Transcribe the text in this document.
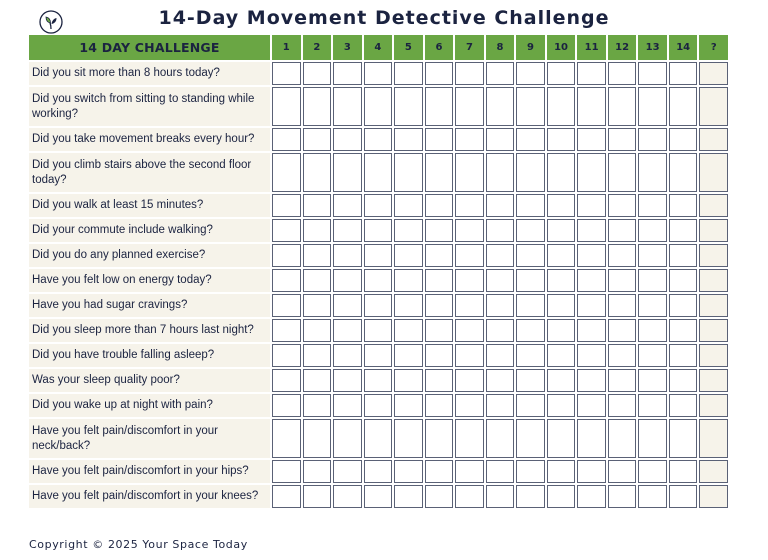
14-Day Movement Detective Challenge
14 DAY CHALLENGE	1	2	3	4	5	6	7	8	9	10	11	12	13	14	?
Did you sit more than 8 hours today?															
Did you switch from sitting to standing while working?															
Did you take movement breaks every hour?															
Did you climb stairs above the second floor today?															
Did you walk at least 15 minutes?															
Did your commute include walking?															
Did you do any planned exercise?															
Have you felt low on energy today?															
Have you had sugar cravings?															
Did you sleep more than 7 hours last night?															
Did you have trouble falling asleep?															
Was your sleep quality poor?															
Did you wake up at night with pain?															
Have you felt pain/discomfort in your neck/back?															
Have you felt pain/discomfort in your hips?															
Have you felt pain/discomfort in your knees?															
Copyright © 2025 Your Space Today
